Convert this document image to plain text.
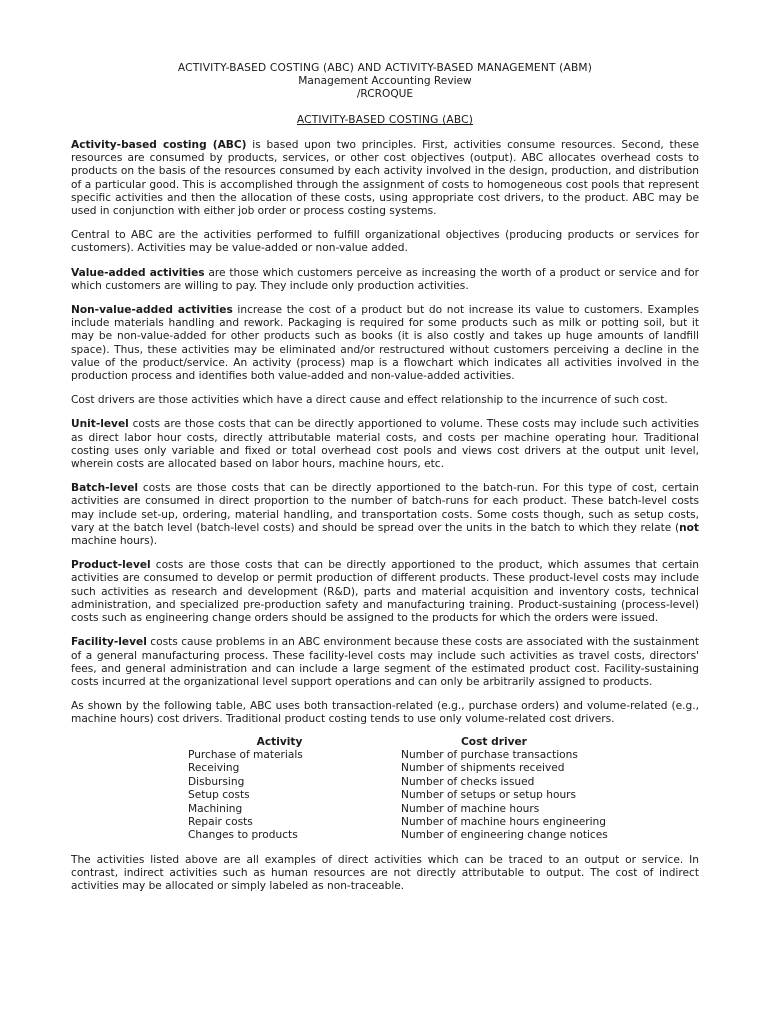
ACTIVITY-BASED COSTING (ABC) AND ACTIVITY-BASED MANAGEMENT (ABM)

Management Accounting Review

/RCROQUE

ACTIVITY-BASED COSTING (ABC)

Activity-based costing (ABC) is based upon two principles. First, activities consume resources. Second, these resources are consumed by products, services, or other cost objectives (output). ABC allocates overhead costs to products on the basis of the resources consumed by each activity involved in the design, production, and distribution of a particular good. This is accomplished through the assignment of costs to homogeneous cost pools that represent specific activities and then the allocation of these costs, using appropriate cost drivers, to the product. ABC may be used in conjunction with either job order or process costing systems.

Central to ABC are the activities performed to fulfill organizational objectives (producing products or services for customers). Activities may be value-added or non-value added.

Value-added activities are those which customers perceive as increasing the worth of a product or service and for which customers are willing to pay. They include only production activities.

Non-value-added activities increase the cost of a product but do not increase its value to customers. Examples include materials handling and rework. Packaging is required for some products such as milk or potting soil, but it may be non-value-added for other products such as books (it is also costly and takes up huge amounts of landfill space). Thus, these activities may be eliminated and/or restructured without customers perceiving a decline in the value of the product/service. An activity (process) map is a flowchart which indicates all activities involved in the production process and identifies both value-added and non-value-added activities.

Cost drivers are those activities which have a direct cause and effect relationship to the incurrence of such cost.

Unit-level costs are those costs that can be directly apportioned to volume. These costs may include such activities as direct labor hour costs, directly attributable material costs, and costs per machine operating hour. Traditional costing uses only variable and fixed or total overhead cost pools and views cost drivers at the output unit level, wherein costs are allocated based on labor hours, machine hours, etc.

Batch-level costs are those costs that can be directly apportioned to the batch-run. For this type of cost, certain activities are consumed in direct proportion to the number of batch-runs for each product. These batch-level costs may include set-up, ordering, material handling, and transportation costs. Some costs though, such as setup costs, vary at the batch level (batch-level costs) and should be spread over the units in the batch to which they relate (not machine hours).

Product-level costs are those costs that can be directly apportioned to the product, which assumes that certain activities are consumed to develop or permit production of different products. These product-level costs may include such activities as research and development (R&D), parts and material acquisition and inventory costs, technical administration, and specialized pre-production safety and manufacturing training. Product-sustaining (process-level) costs such as engineering change orders should be assigned to the products for which the orders were issued.

Facility-level costs cause problems in an ABC environment because these costs are associated with the sustainment of a general manufacturing process. These facility-level costs may include such activities as travel costs, directors' fees, and general administration and can include a large segment of the estimated product cost. Facility-sustaining costs incurred at the organizational level support operations and can only be arbitrarily assigned to products.

As shown by the following table, ABC uses both transaction-related (e.g., purchase orders) and volume-related (e.g., machine hours) cost drivers. Traditional product costing tends to use only volume-related cost drivers.

Activity	Cost driver
Purchase of materials	Number of purchase transactions
Receiving	Number of shipments received
Disbursing	Number of checks issued
Setup costs	Number of setups or setup hours
Machining	Number of machine hours
Repair costs	Number of machine hours engineering
Changes to products	Number of engineering change notices

The activities listed above are all examples of direct activities which can be traced to an output or service. In contrast, indirect activities such as human resources are not directly attributable to output. The cost of indirect activities may be allocated or simply labeled as non-traceable.
